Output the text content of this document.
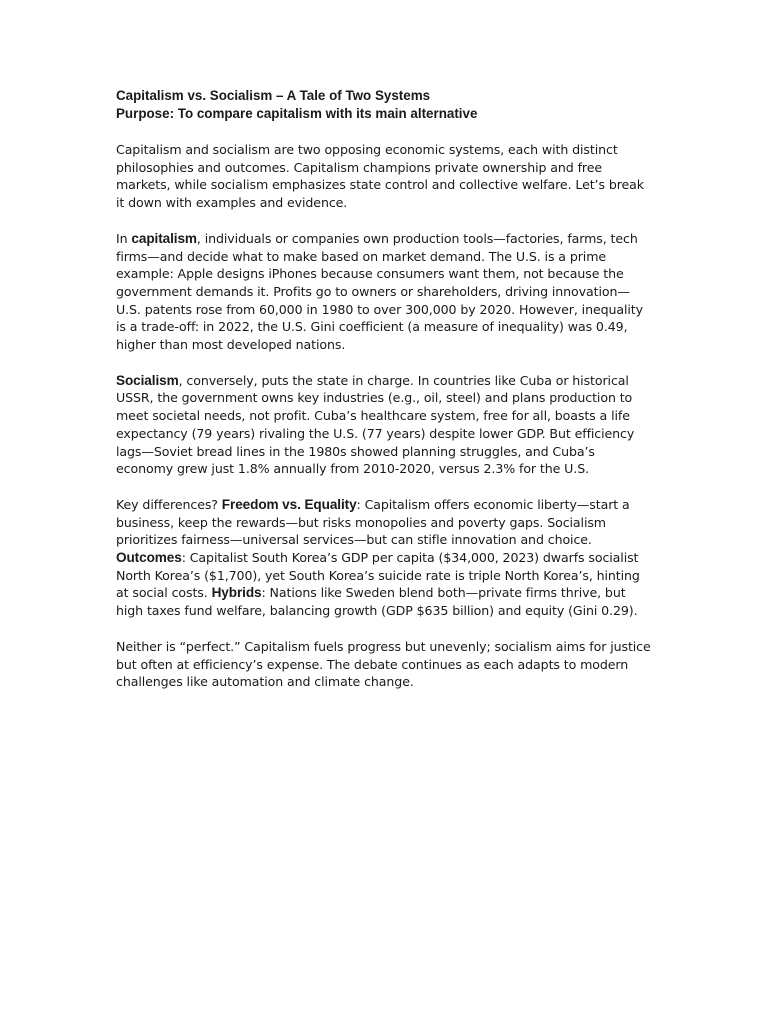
Capitalism vs. Socialism – A Tale of Two Systems

Purpose: To compare capitalism with its main alternative

Capitalism and socialism are two opposing economic systems, each with distinct philosophies and outcomes. Capitalism champions private ownership and free markets, while socialism emphasizes state control and collective welfare. Let’s break it down with examples and evidence.

In capitalism, individuals or companies own production tools—factories, farms, tech firms—and decide what to make based on market demand. The U.S. is a prime example: Apple designs iPhones because consumers want them, not because the government demands it. Profits go to owners or shareholders, driving innovation—U.S. patents rose from 60,000 in 1980 to over 300,000 by 2020. However, inequality is a trade-off: in 2022, the U.S. Gini coefficient (a measure of inequality) was 0.49, higher than most developed nations.

Socialism, conversely, puts the state in charge. In countries like Cuba or historical USSR, the government owns key industries (e.g., oil, steel) and plans production to meet societal needs, not profit. Cuba’s healthcare system, free for all, boasts a life expectancy (79 years) rivaling the U.S. (77 years) despite lower GDP. But efficiency lags—Soviet bread lines in the 1980s showed planning struggles, and Cuba’s economy grew just 1.8% annually from 2010-2020, versus 2.3% for the U.S.

Key differences? Freedom vs. Equality: Capitalism offers economic liberty—start a business, keep the rewards—but risks monopolies and poverty gaps. Socialism prioritizes fairness—universal services—but can stifle innovation and choice. Outcomes: Capitalist South Korea’s GDP per capita ($34,000, 2023) dwarfs socialist North Korea’s ($1,700), yet South Korea’s suicide rate is triple North Korea’s, hinting at social costs. Hybrids: Nations like Sweden blend both—private firms thrive, but high taxes fund welfare, balancing growth (GDP $635 billion) and equity (Gini 0.29).

Neither is “perfect.” Capitalism fuels progress but unevenly; socialism aims for justice but often at efficiency’s expense. The debate continues as each adapts to modern challenges like automation and climate change.
